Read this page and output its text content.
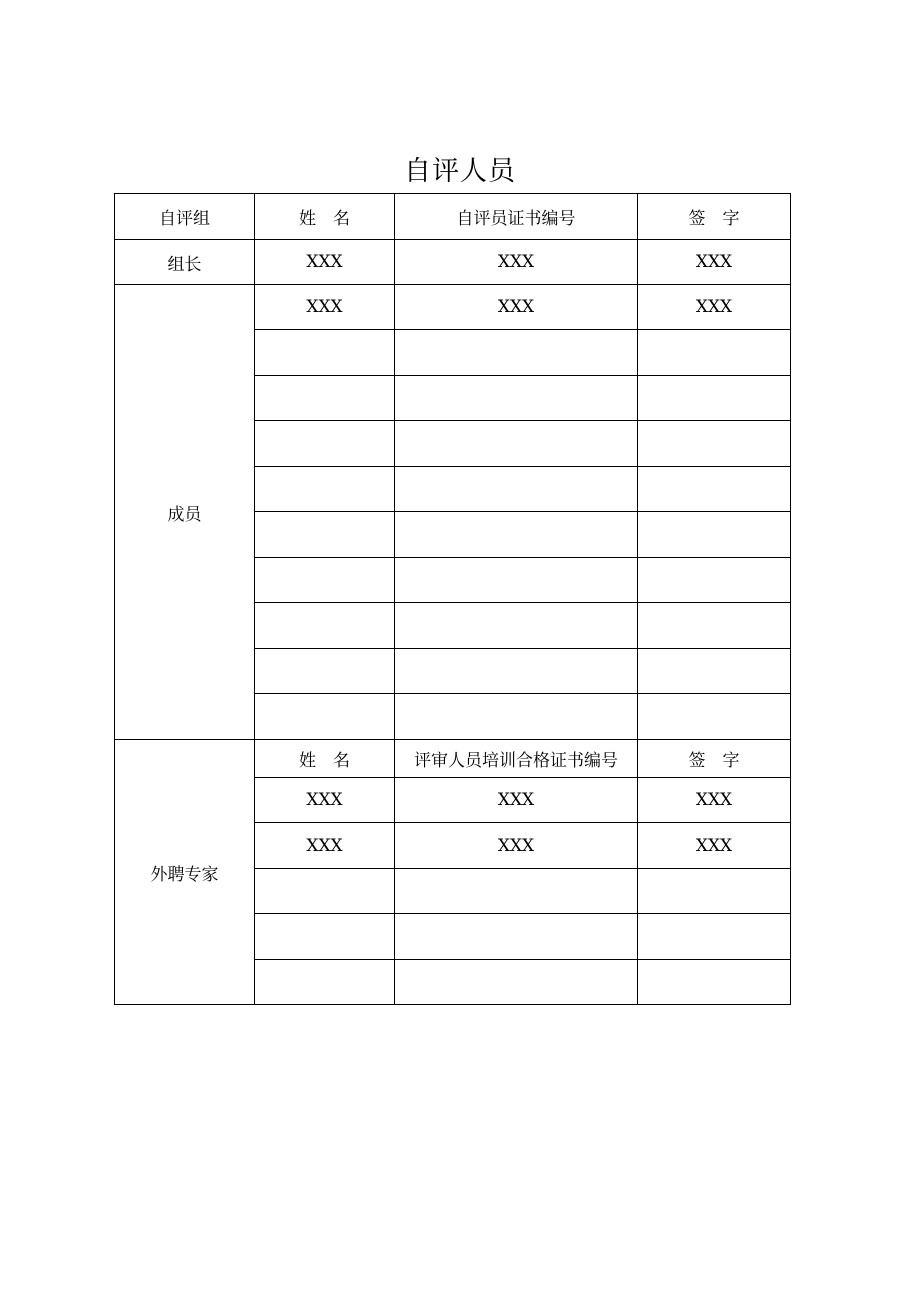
自评人员
自评组	姓　名	自评员证书编号	签　字
组长	XXX	XXX	XXX
成员	XXX	XXX	XXX

外聘专家	姓　名	评审人员培训合格证书编号	签　字
	XXX	XXX	XXX
	XXX	XXX	XXX
